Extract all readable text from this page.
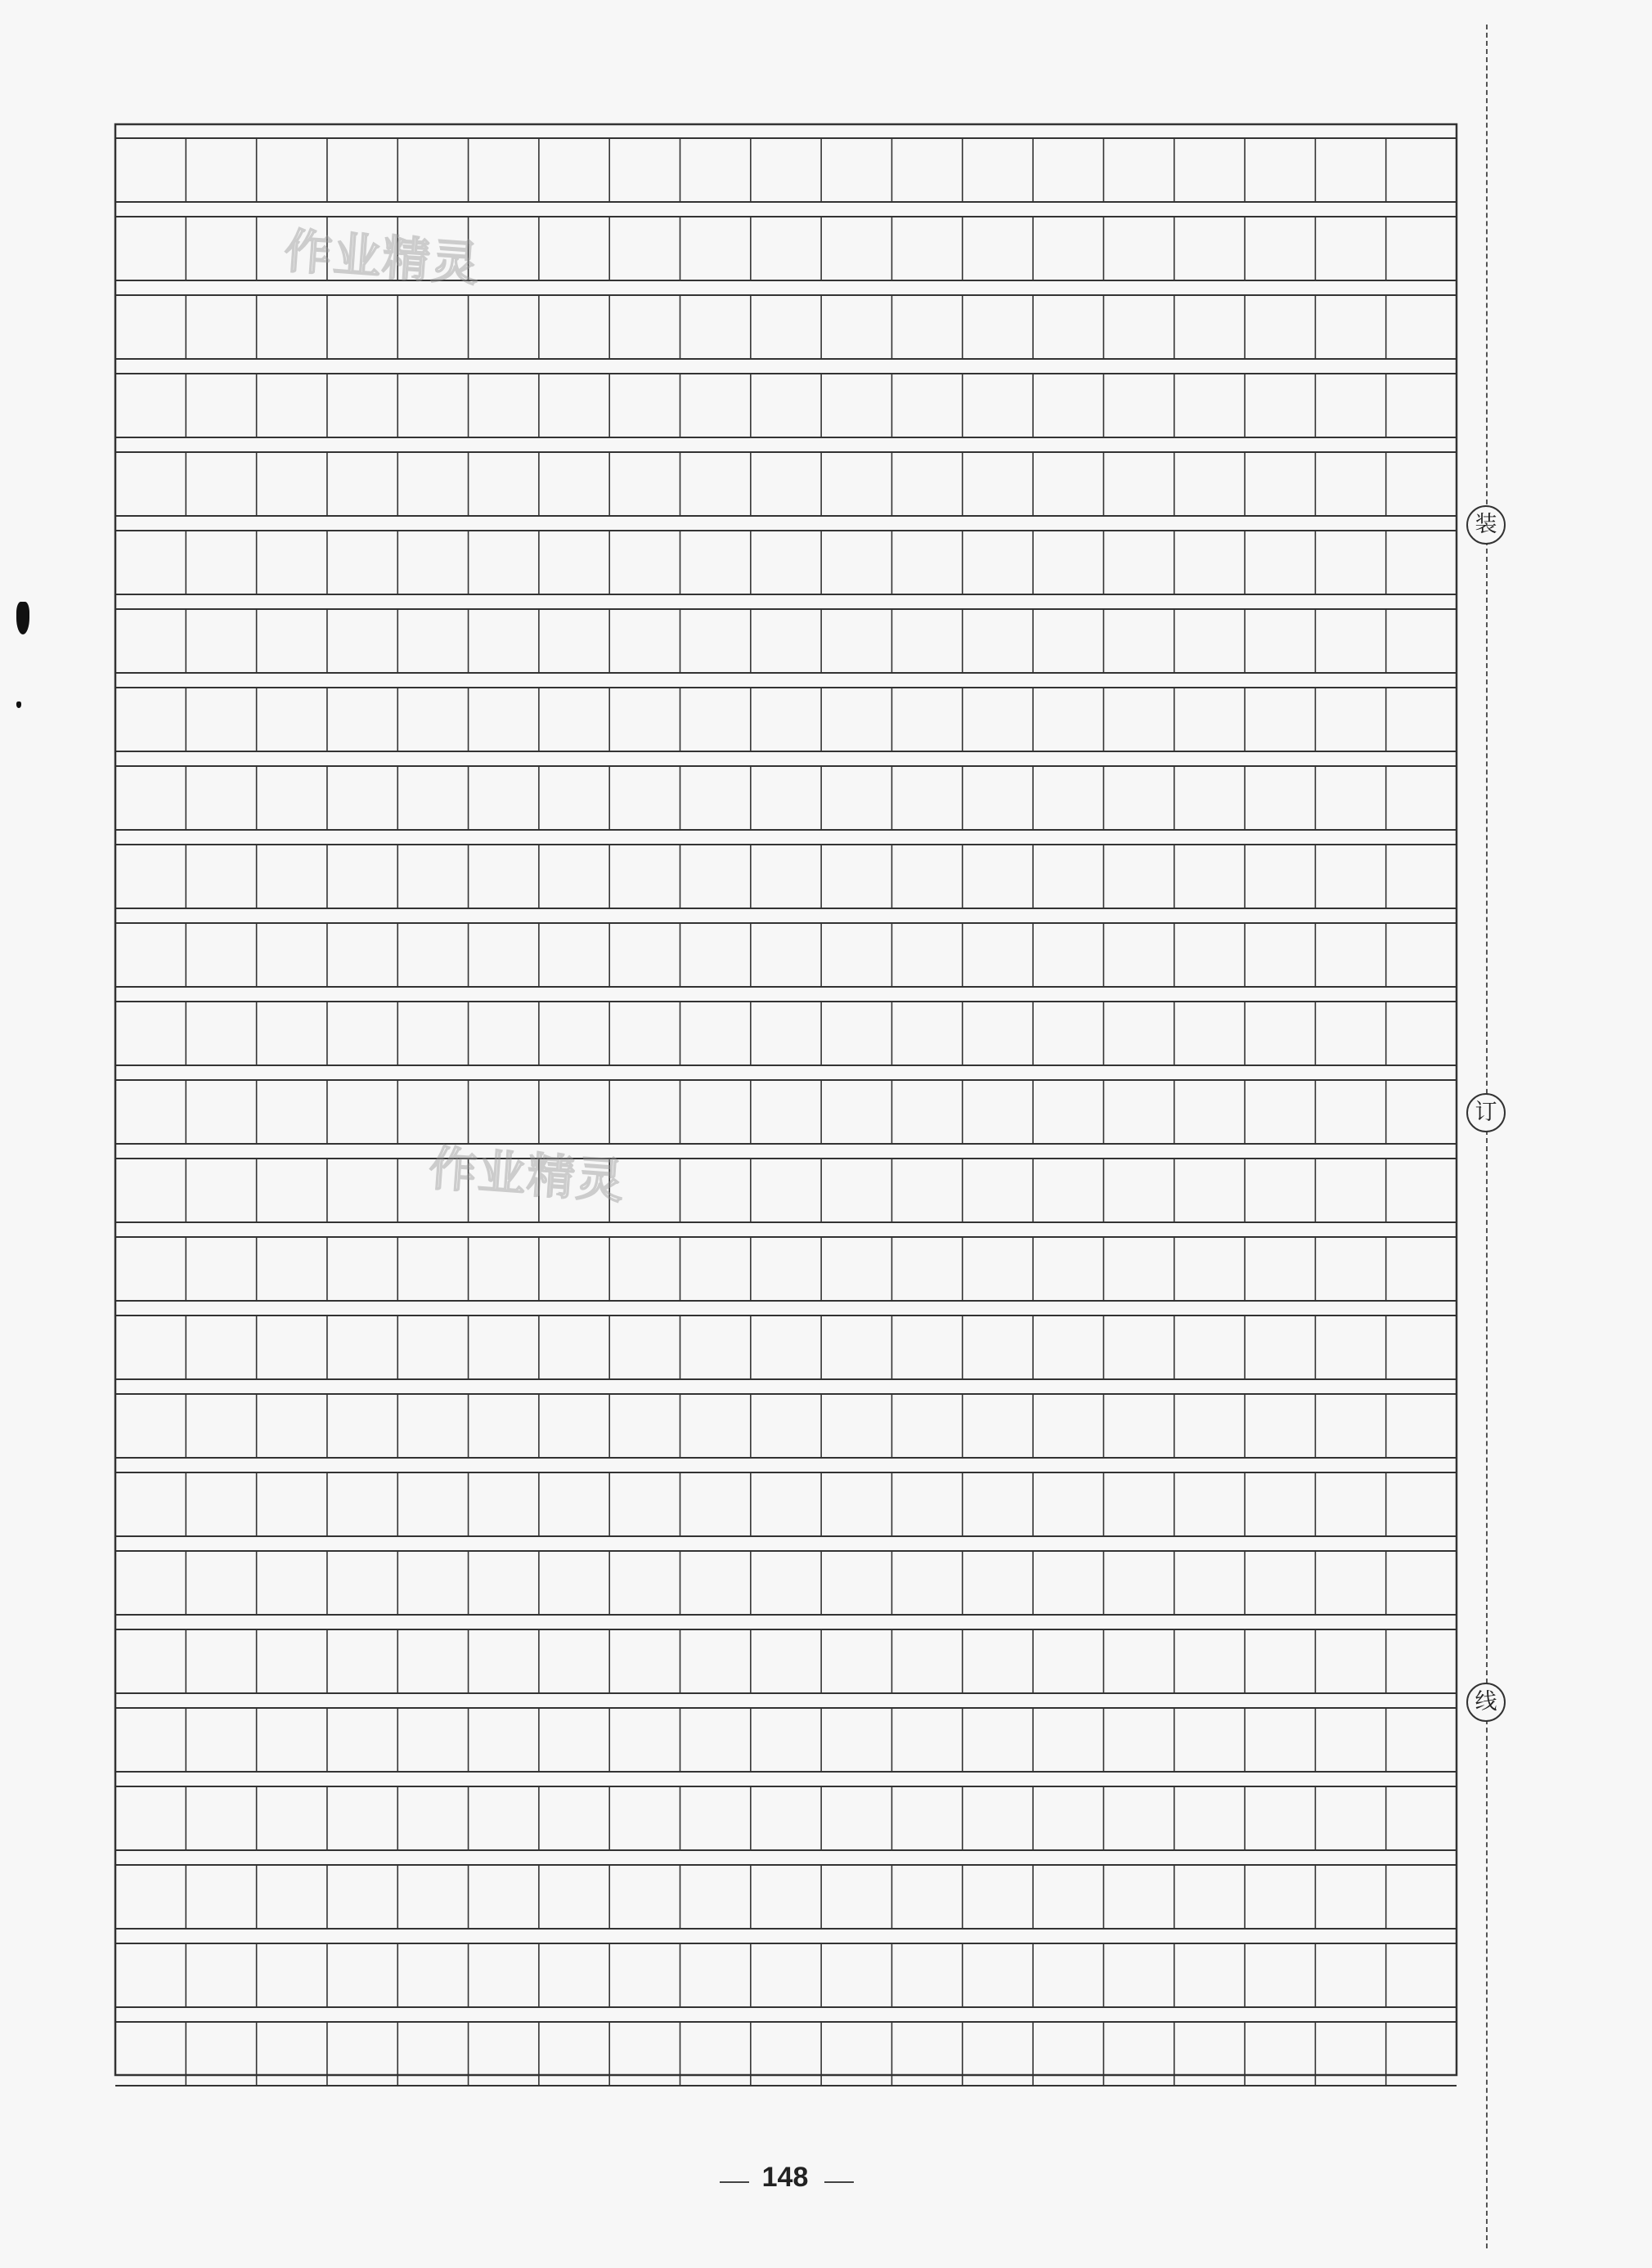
作业精灵
作业精灵
装
订
线
148
